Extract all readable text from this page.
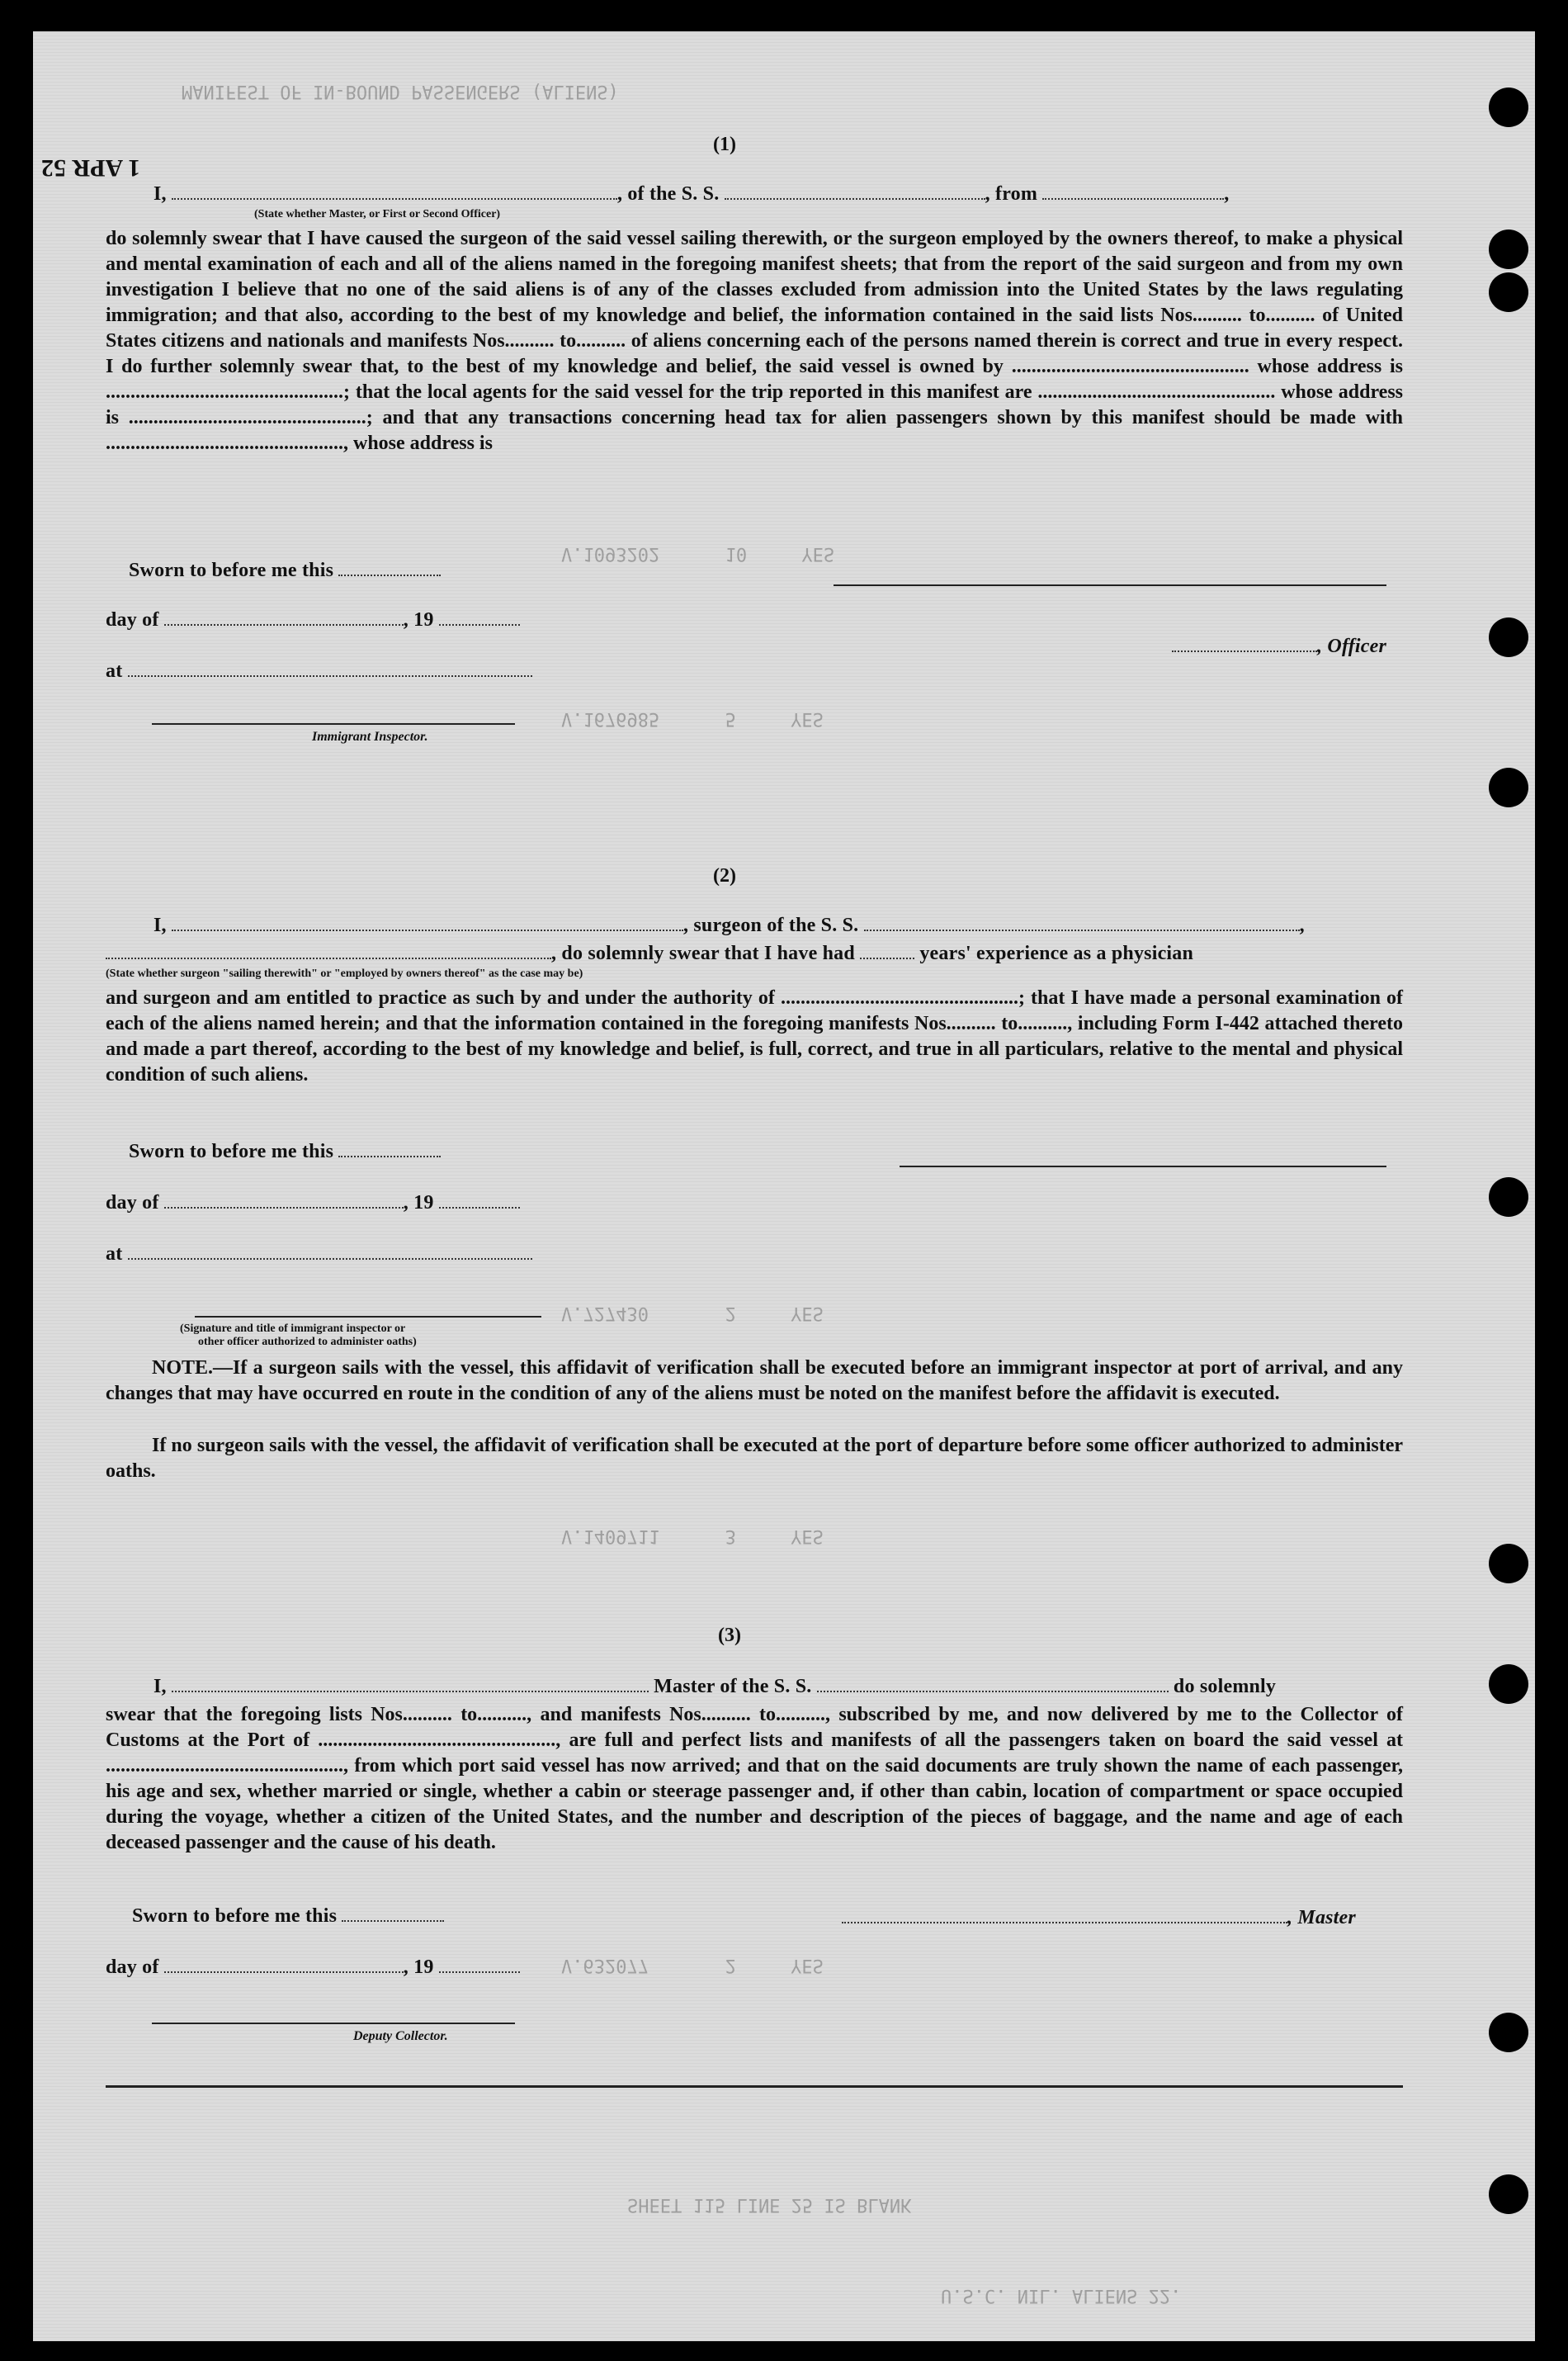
MANIFEST OF IN-BOUND PASSENGERS (ALIENS)
V.1093202      10     YES
V.1676985      5     YES
V.727430       2     YES
V.1409711      3     YES
V.632077       2     YES
SHEET 115 LINE 25 IS BLANK
U.S.C. NIL. ALIENS 22.
1 APR 52
(1)
I,	, of the S. S.	, from	,
(State whether Master, or First or Second Officer)
do solemnly swear that I have caused the surgeon of the said vessel sailing therewith, or the surgeon employed by the owners thereof, to make a physical and mental examination of each and all of the aliens named in the foregoing manifest sheets; that from the report of the said surgeon and from my own investigation I believe that no one of the said aliens is of any of the classes excluded from admission into the United States by the laws regulating immigration; and that also, according to the best of my knowledge and belief, the information contained in the said lists Nos.......... to.......... of United States citizens and nationals and manifests Nos.......... to.......... of aliens concerning each of the persons named therein is correct and true in every respect. I do further solemnly swear that, to the best of my knowledge and belief, the said vessel is owned by ................................................ whose address is ................................................; that the local agents for the said vessel for the trip reported in this manifest are ................................................ whose address is ................................................; and that any transactions concerning head tax for alien passengers shown by this manifest should be made with ................................................, whose address is
Sworn to before me this
day of	, 19
, Officer
at
Immigrant Inspector.
(2)
I,	, surgeon of the S. S.	,
, do solemnly swear that I have had	years' experience as a physician
(State whether surgeon "sailing therewith" or "employed by owners thereof" as the case may be)
and surgeon and am entitled to practice as such by and under the authority of ................................................; that I have made a personal examination of each of the aliens named herein; and that the information contained in the foregoing manifests Nos.......... to.........., including Form I-442 attached thereto and made a part thereof, according to the best of my knowledge and belief, is full, correct, and true in all particulars, relative to the mental and physical condition of such aliens.
Sworn to before me this
day of	, 19
at
(Signature and title of immigrant inspector or
other officer authorized to administer oaths)
NOTE.—If a surgeon sails with the vessel, this affidavit of verification shall be executed before an immigrant inspector at port of arrival, and any changes that may have occurred en route in the condition of any of the aliens must be noted on the manifest before the affidavit is executed.
If no surgeon sails with the vessel, the affidavit of verification shall be executed at the port of departure before some officer authorized to administer oaths.
(3)
I,	Master of the S. S.	do solemnly
swear that the foregoing lists Nos.......... to.........., and manifests Nos.......... to.........., subscribed by me, and now delivered by me to the Collector of Customs at the Port of ................................................, are full and perfect lists and manifests of all the passengers taken on board the said vessel at ................................................, from which port said vessel has now arrived; and that on the said documents are truly shown the name of each passenger, his age and sex, whether married or single, whether a cabin or steerage passenger and, if other than cabin, location of compartment or space occupied during the voyage, whether a citizen of the United States, and the number and description of the pieces of baggage, and the name and age of each deceased passenger and the cause of his death.
Sworn to before me this	, Master
day of	, 19
Deputy Collector.
